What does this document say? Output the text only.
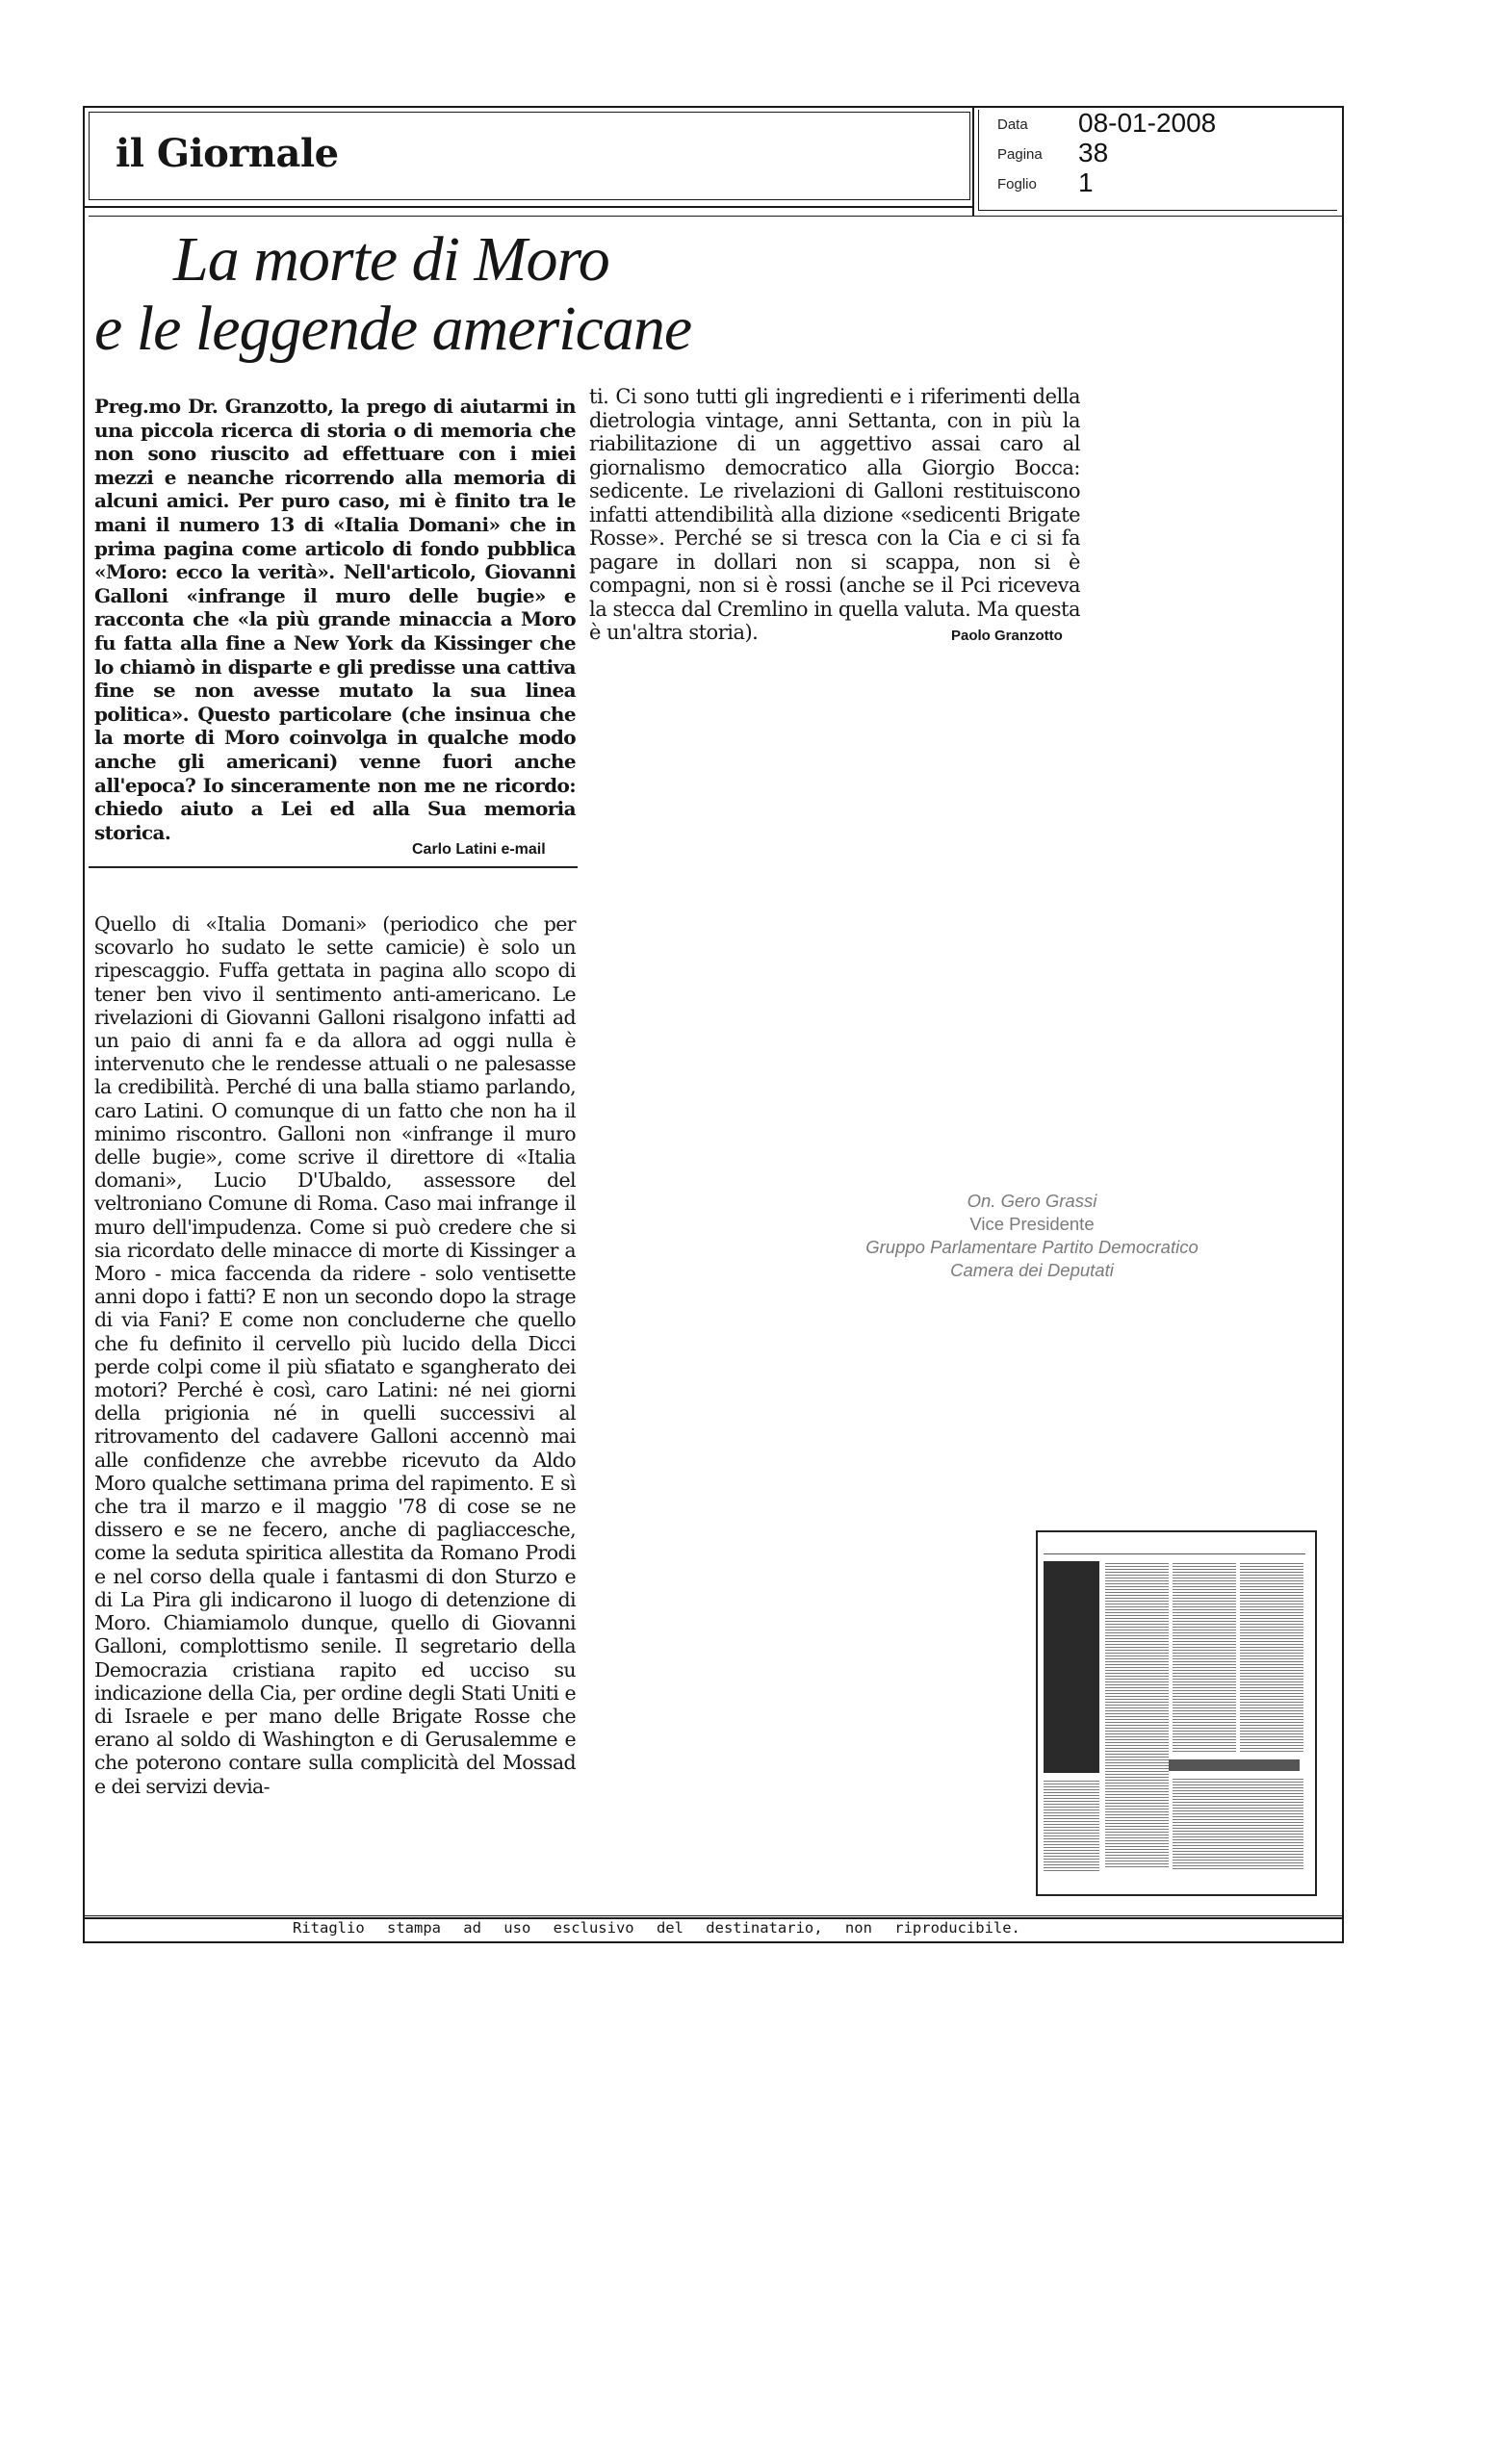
il Giornale
Data 08-01-2008
Pagina 38
Foglio 1
La morte di Moro
e le leggende americane
Preg.mo Dr. Granzotto, la prego di aiutarmi in una piccola ricerca di storia o di memoria che non sono riuscito ad effettuare con i miei mezzi e neanche ricorrendo alla memoria di alcuni amici. Per puro caso, mi è finito tra le mani il numero 13 di «Italia Domani» che in prima pagina come articolo di fondo pubblica «Moro: ecco la verità». Nell'articolo, Giovanni Galloni «infrange il muro delle bugie» e racconta che «la più grande minaccia a Moro fu fatta alla fine a New York da Kissinger che lo chiamò in disparte e gli predisse una cattiva fine se non avesse mutato la sua linea politica». Questo particolare (che insinua che la morte di Moro coinvolga in qualche modo anche gli americani) venne fuori anche all'epoca? Io sinceramente non me ne ricordo: chiedo aiuto a Lei ed alla Sua memoria storica.
Carlo Latini e-mail
Quello di «Italia Domani» (periodico che per scovarlo ho sudato le sette camicie) è solo un ripescaggio. Fuffa gettata in pagina allo scopo di tener ben vivo il sentimento anti-americano. Le rivelazioni di Giovanni Galloni risalgono infatti ad un paio di anni fa e da allora ad oggi nulla è intervenuto che le rendesse attuali o ne palesasse la credibilità. Perché di una balla stiamo parlando, caro Latini. O comunque di un fatto che non ha il minimo riscontro. Galloni non «infrange il muro delle bugie», come scrive il direttore di «Italia domani», Lucio D'Ubaldo, assessore del veltroniano Comune di Roma. Caso mai infrange il muro dell'impudenza. Come si può credere che si sia ricordato delle minacce di morte di Kissinger a Moro - mica faccenda da ridere - solo ventisette anni dopo i fatti? E non un secondo dopo la strage di via Fani? E come non concluderne che quello che fu definito il cervello più lucido della Dicci perde colpi come il più sfiatato e sgangherato dei motori? Perché è così, caro Latini: né nei giorni della prigionia né in quelli successivi al ritrovamento del cadavere Galloni accennò mai alle confidenze che avrebbe ricevuto da Aldo Moro qualche settimana prima del rapimento. E sì che tra il marzo e il maggio '78 di cose se ne dissero e se ne fecero, anche di pagliaccesche, come la seduta spiritica allestita da Romano Prodi e nel corso della quale i fantasmi di don Sturzo e di La Pira gli indicarono il luogo di detenzione di Moro. Chiamiamolo dunque, quello di Giovanni Galloni, complottismo senile. Il segretario della Democrazia cristiana rapito ed ucciso su indicazione della Cia, per ordine degli Stati Uniti e di Israele e per mano delle Brigate Rosse che erano al soldo di Washington e di Gerusalemme e che poterono contare sulla complicità del Mossad e dei servizi devia-
ti. Ci sono tutti gli ingredienti e i riferimenti della dietrologia vintage, anni Settanta, con in più la riabilitazione di un aggettivo assai caro al giornalismo democratico alla Giorgio Bocca: sedicente. Le rivelazioni di Galloni restituiscono infatti attendibilità alla dizione «sedicenti Brigate Rosse». Perché se si tresca con la Cia e ci si fa pagare in dollari non si scappa, non si è compagni, non si è rossi (anche se il Pci riceveva la stecca dal Cremlino in quella valuta. Ma questa è un'altra storia).	Paolo Granzotto
On. Gero Grassi
Vice Presidente
Gruppo Parlamentare Partito Democratico
Camera dei Deputati
Ritaglio stampa ad uso esclusivo del destinatario, non riproducibile.
